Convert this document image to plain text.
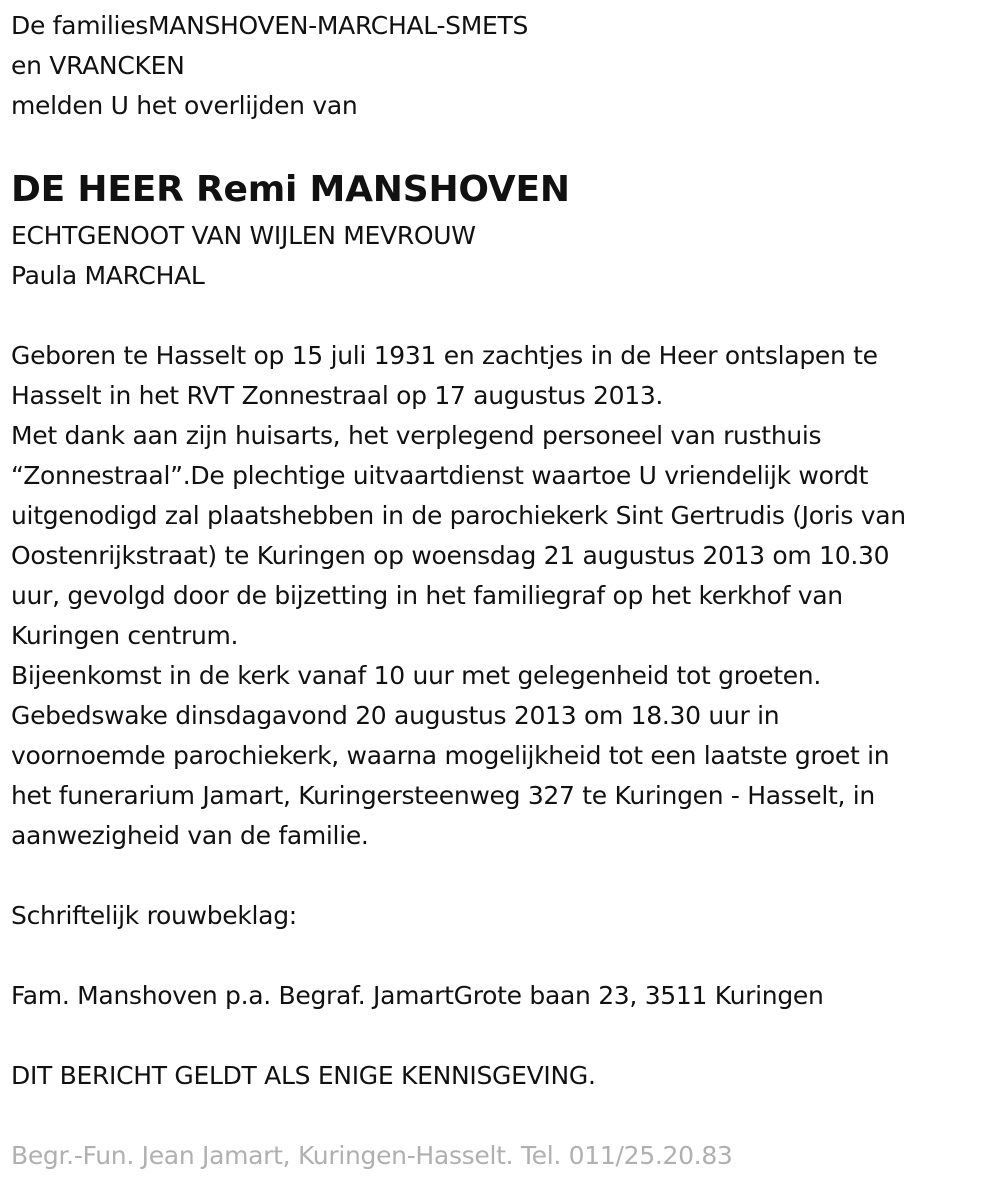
De familiesMANSHOVEN-MARCHAL-SMETS
en VRANCKEN
melden U het overlijden van
DE HEER Remi MANSHOVEN
ECHTGENOOT VAN WIJLEN MEVROUW
Paula MARCHAL
Geboren te Hasselt op 15 juli 1931 en zachtjes in de Heer ontslapen te
Hasselt in het RVT Zonnestraal op 17 augustus 2013.
Met dank aan zijn huisarts, het verplegend personeel van rusthuis
“Zonnestraal”.De plechtige uitvaartdienst waartoe U vriendelijk wordt
uitgenodigd zal plaatshebben in de parochiekerk Sint Gertrudis (Joris van
Oostenrijkstraat) te Kuringen op woensdag 21 augustus 2013 om 10.30
uur, gevolgd door de bijzetting in het familiegraf op het kerkhof van
Kuringen centrum.
Bijeenkomst in de kerk vanaf 10 uur met gelegenheid tot groeten.
Gebedswake dinsdagavond 20 augustus 2013 om 18.30 uur in
voornoemde parochiekerk, waarna mogelijkheid tot een laatste groet in
het funerarium Jamart, Kuringersteenweg 327 te Kuringen - Hasselt, in
aanwezigheid van de familie.
Schriftelijk rouwbeklag:
Fam. Manshoven p.a. Begraf. JamartGrote baan 23, 3511 Kuringen
DIT BERICHT GELDT ALS ENIGE KENNISGEVING.
Begr.-Fun. Jean Jamart, Kuringen-Hasselt. Tel. 011/25.20.83
